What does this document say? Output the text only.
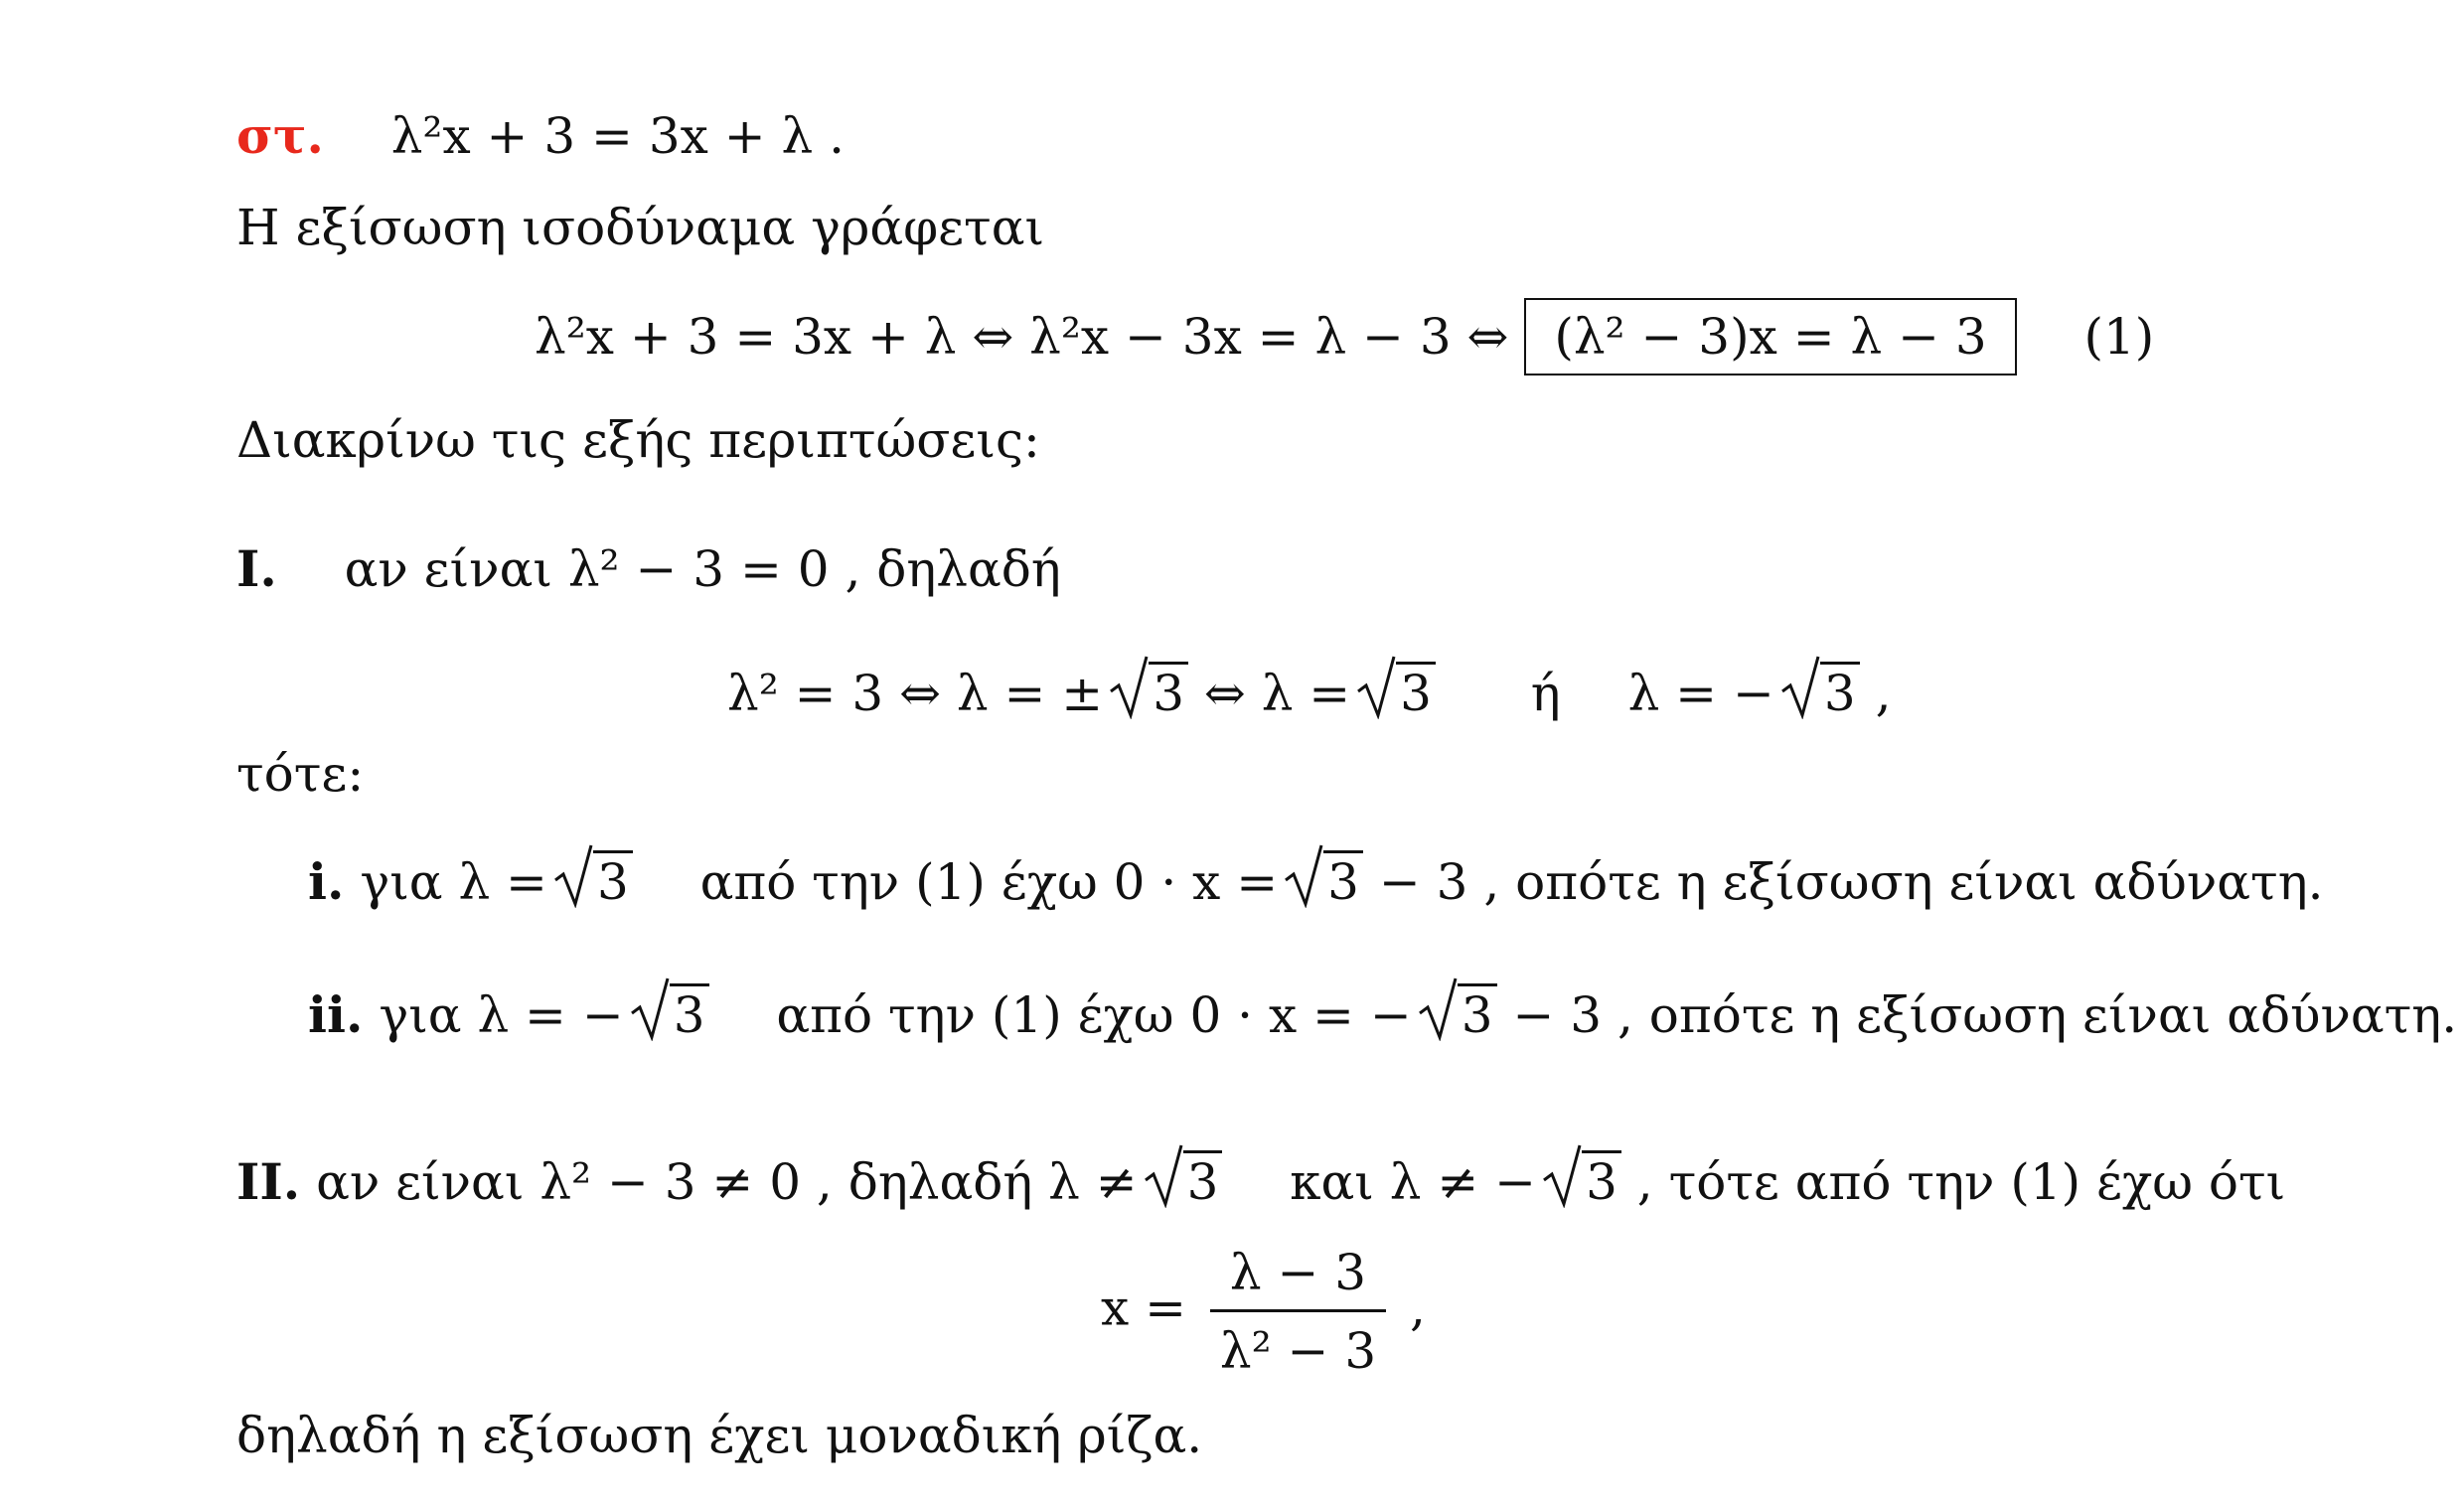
στ. λ²x + 3 = 3x + λ .
Η εξίσωση ισοδύναμα γράφεται
λ²x + 3 = 3x + λ ⇔ λ²x − 3x = λ − 3 ⇔ (λ² − 3)x = λ − 3 (1)
Διακρίνω τις εξής περιπτώσεις:
I. αν είναι λ² − 3 = 0 , δηλαδή
λ² = 3 ⇔ λ = ± 3 ⇔ λ = 3 ή λ = − 3 ,
τότε:
i. για λ = 3 από την (1) έχω 0 · x = 3 − 3 , οπότε η εξίσωση είναι αδύνατη.
ii. για λ = − 3 από την (1) έχω 0 · x = − 3 − 3 , οπότε η εξίσωση είναι αδύνατη.
II. αν είναι λ² − 3 ≠ 0 , δηλαδή λ ≠ 3 και λ ≠ − 3 , τότε από την (1) έχω ότι
$x = \frac{\lambda - 3}{\text{λ² − 3}}$ ,
δηλαδή η εξίσωση έχει μοναδική ρίζα.
